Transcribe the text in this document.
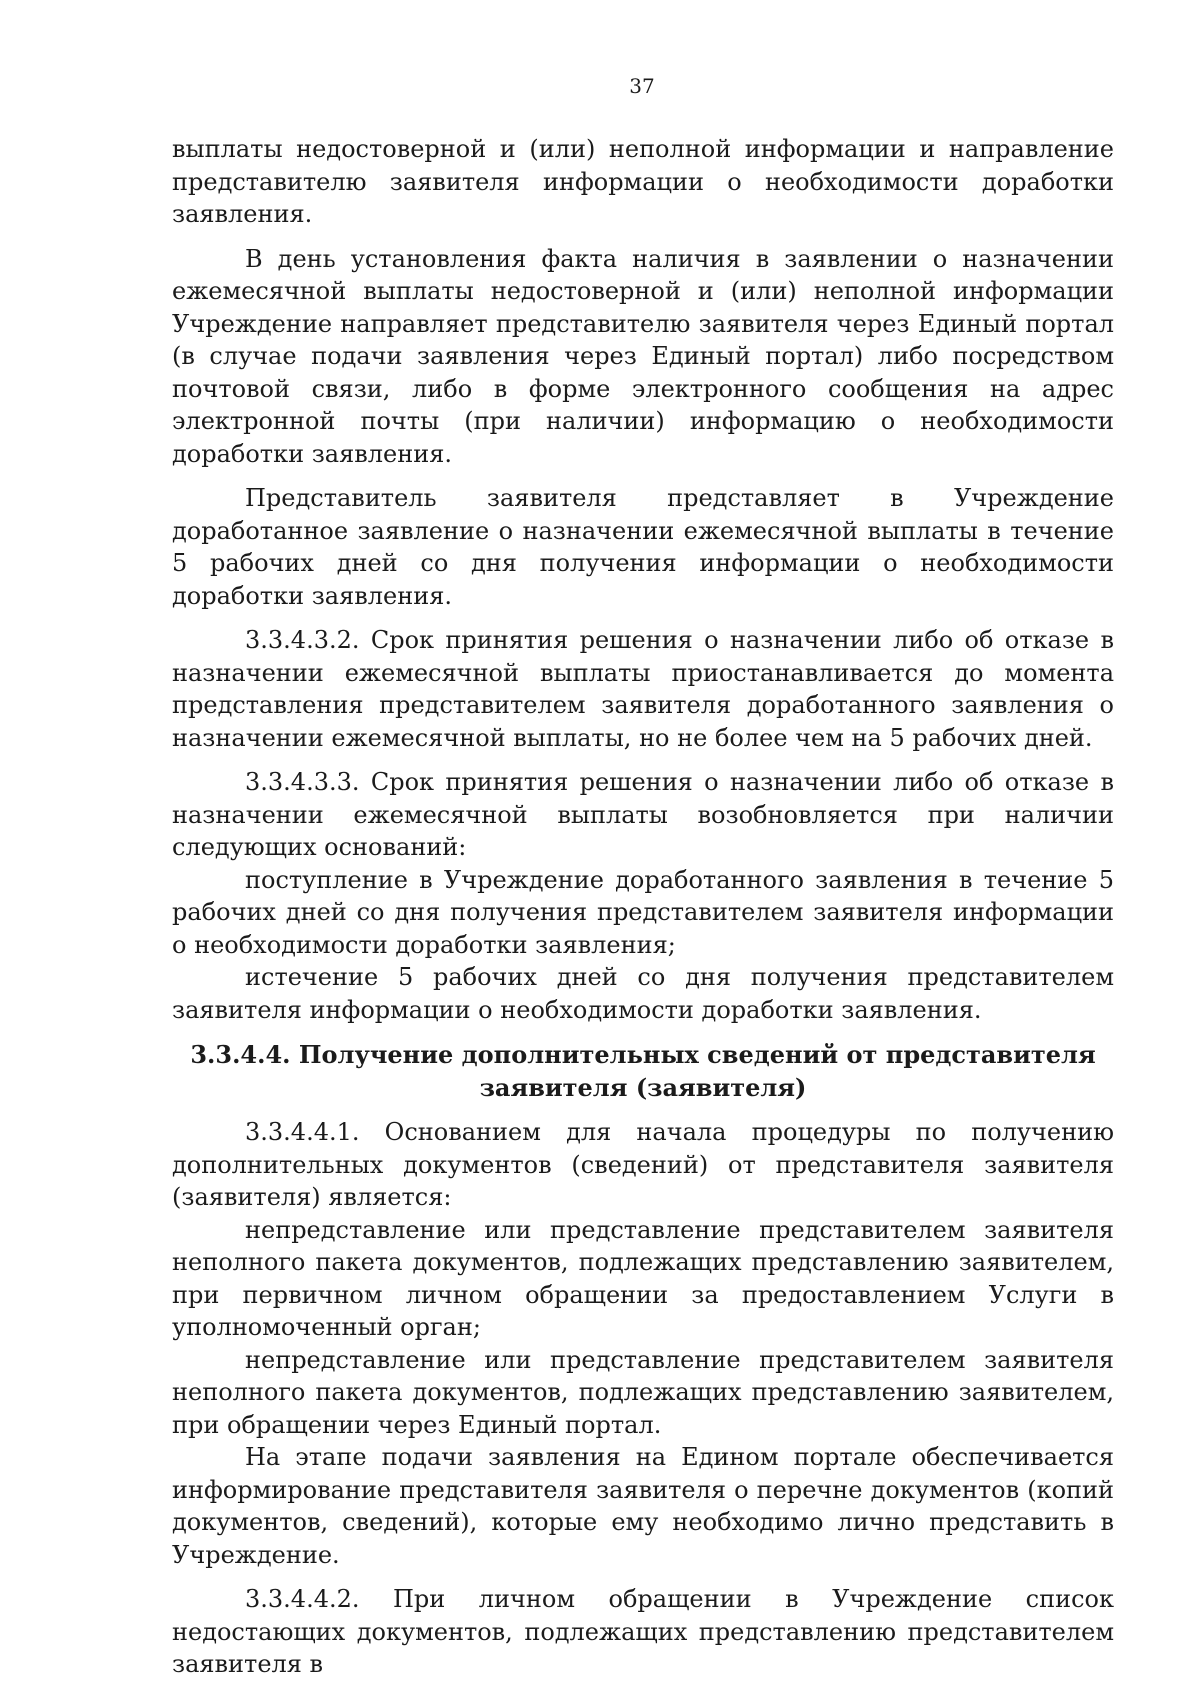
37

выплаты недостоверной и (или) неполной информации и направление представителю заявителя информации о необходимости доработки заявления.

В день установления факта наличия в заявлении о назначении ежемесячной выплаты недостоверной и (или) неполной информации Учреждение направляет представителю заявителя через Единый портал (в случае подачи заявления через Единый портал) либо посредством почтовой связи, либо в форме электронного сообщения на адрес электронной почты (при наличии) информацию о необходимости доработки заявления.

Представитель заявителя представляет в Учреждение доработанное заявление о назначении ежемесячной выплаты в течение 5 рабочих дней со дня получения информации о необходимости доработки заявления.

3.3.4.3.2. Срок принятия решения о назначении либо об отказе в назначении ежемесячной выплаты приостанавливается до момента представления представителем заявителя доработанного заявления о назначении ежемесячной выплаты, но не более чем на 5 рабочих дней.

3.3.4.3.3. Срок принятия решения о назначении либо об отказе в назначении ежемесячной выплаты возобновляется при наличии следующих оснований:

поступление в Учреждение доработанного заявления в течение 5 рабочих дней со дня получения представителем заявителя информации о необходимости доработки заявления;

истечение 5 рабочих дней со дня получения представителем заявителя информации о необходимости доработки заявления.

3.3.4.4. Получение дополнительных сведений от представителя
заявителя (заявителя)

3.3.4.4.1. Основанием для начала процедуры по получению дополнительных документов (сведений) от представителя заявителя (заявителя) является:

непредставление или представление представителем заявителя неполного пакета документов, подлежащих представлению заявителем, при первичном личном обращении за предоставлением Услуги в уполномоченный орган;

непредставление или представление представителем заявителя неполного пакета документов, подлежащих представлению заявителем, при обращении через Единый портал.

На этапе подачи заявления на Едином портале обеспечивается информирование представителя заявителя о перечне документов (копий документов, сведений), которые ему необходимо лично представить в Учреждение.

3.3.4.4.2. При личном обращении в Учреждение список недостающих документов, подлежащих представлению представителем заявителя в
